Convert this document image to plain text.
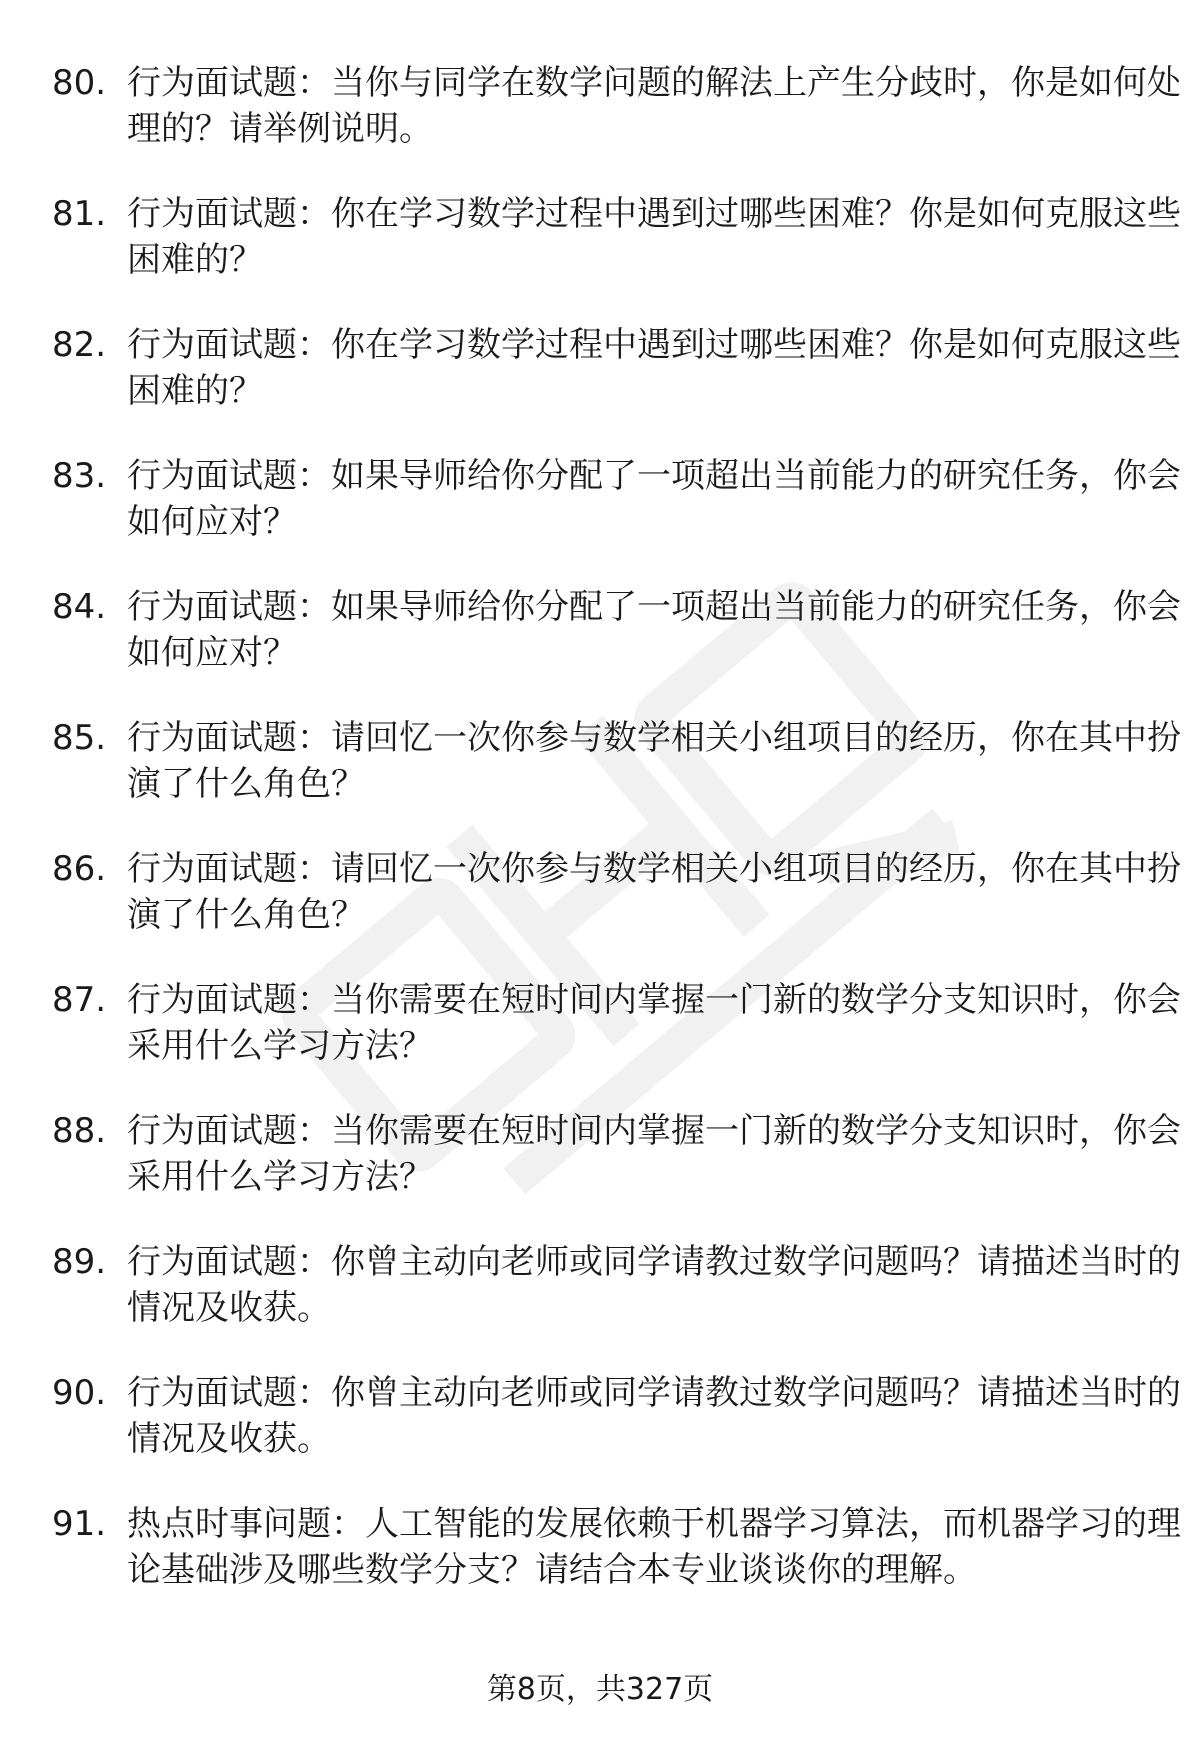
80. 行为面试题：当你与同学在数学问题的解法上产生分歧时，你是如何处理的？请举例说明。
81. 行为面试题：你在学习数学过程中遇到过哪些困难？你是如何克服这些困难的？
82. 行为面试题：你在学习数学过程中遇到过哪些困难？你是如何克服这些困难的？
83. 行为面试题：如果导师给你分配了一项超出当前能力的研究任务，你会如何应对？
84. 行为面试题：如果导师给你分配了一项超出当前能力的研究任务，你会如何应对？
85. 行为面试题：请回忆一次你参与数学相关小组项目的经历，你在其中扮演了什么角色？
86. 行为面试题：请回忆一次你参与数学相关小组项目的经历，你在其中扮演了什么角色？
87. 行为面试题：当你需要在短时间内掌握一门新的数学分支知识时，你会采用什么学习方法？
88. 行为面试题：当你需要在短时间内掌握一门新的数学分支知识时，你会采用什么学习方法？
89. 行为面试题：你曾主动向老师或同学请教过数学问题吗？请描述当时的情况及收获。
90. 行为面试题：你曾主动向老师或同学请教过数学问题吗？请描述当时的情况及收获。
91. 热点时事问题：人工智能的发展依赖于机器学习算法，而机器学习的理论基础涉及哪些数学分支？请结合本专业谈谈你的理解。
第8页，共327页
